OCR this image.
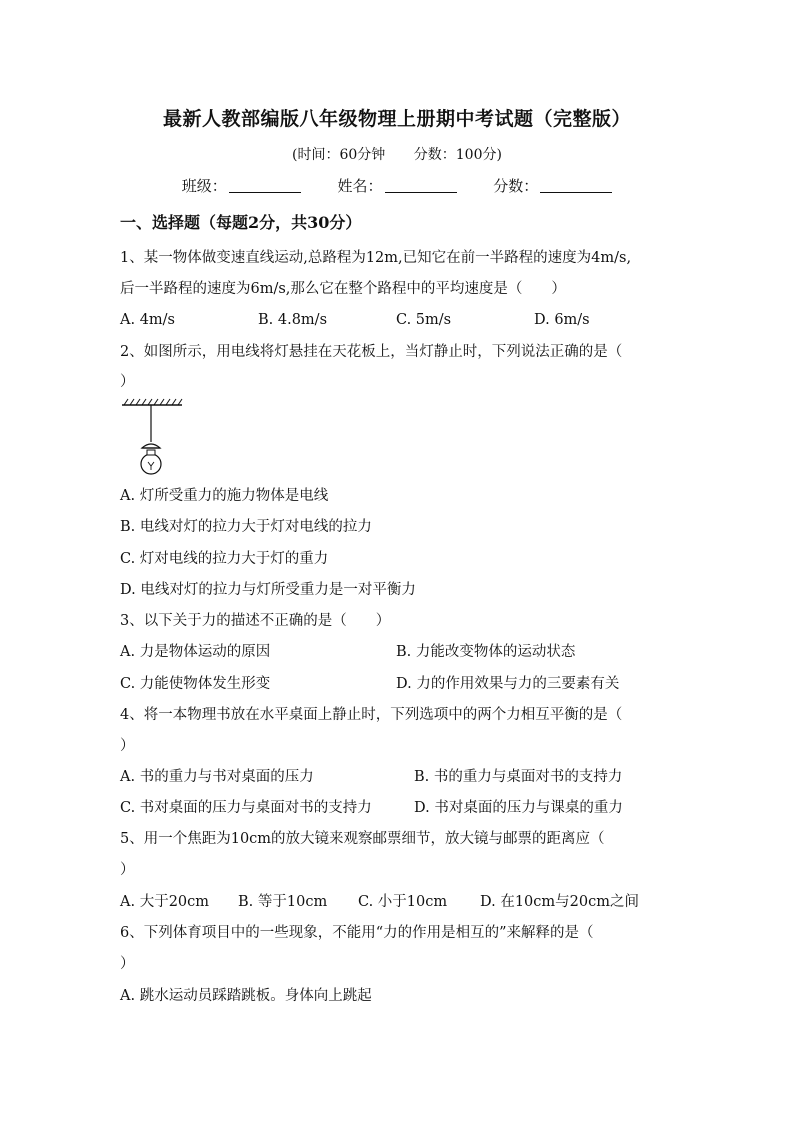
最新人教部编版八年级物理上册期中考试题（完整版）
(时间：60分钟 分数：100分)
班级：	姓名：	分数：
一、选择题（每题2分，共30分）
1、某一物体做变速直线运动,总路程为12m,已知它在前一半路程的速度为4m/s,
后一半路程的速度为6m/s,那么它在整个路程中的平均速度是（　　）
A. 4m/s	B. 4.8m/s	C. 5m/s	D. 6m/s
2、如图所示，用电线将灯悬挂在天花板上，当灯静止时，下列说法正确的是（
）
A. 灯所受重力的施力物体是电线
B. 电线对灯的拉力大于灯对电线的拉力
C. 灯对电线的拉力大于灯的重力
D. 电线对灯的拉力与灯所受重力是一对平衡力
3、以下关于力的描述不正确的是（　　）
A. 力是物体运动的原因	B. 力能改变物体的运动状态
C. 力能使物体发生形变	D. 力的作用效果与力的三要素有关
4、将一本物理书放在水平桌面上静止时，下列选项中的两个力相互平衡的是（
）
A. 书的重力与书对桌面的压力	B. 书的重力与桌面对书的支持力
C. 书对桌面的压力与桌面对书的支持力	D. 书对桌面的压力与课桌的重力
5、用一个焦距为10cm的放大镜来观察邮票细节，放大镜与邮票的距离应（
）
A. 大于20cm B. 等于10cm C. 小于10cm D. 在10cm与20cm之间
6、下列体育项目中的一些现象，不能用“力的作用是相互的”来解释的是（
）
A. 跳水运动员踩踏跳板。身体向上跳起
